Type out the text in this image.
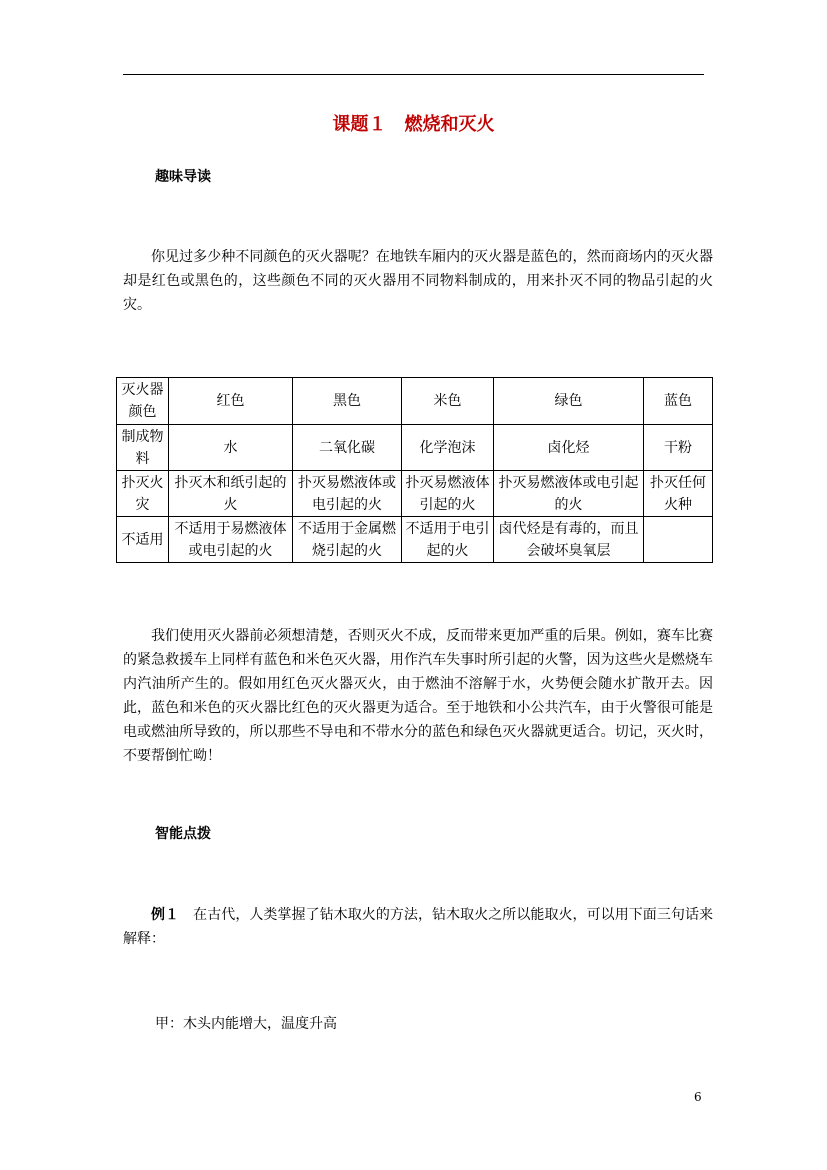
课题１　燃烧和灭火
趣味导读
你见过多少种不同颜色的灭火器呢？在地铁车厢内的灭火器是蓝色的，然而商场内的灭火器却是红色或黑色的，这些颜色不同的灭火器用不同物料制成的，用来扑灭不同的物品引起的火灾。
灭火器颜色	红色	黑色	米色	绿色	蓝色
制成物料	水	二氧化碳	化学泡沫	卤化烃	干粉
扑灭火灾	扑灭木和纸引起的火	扑灭易燃液体或电引起的火	扑灭易燃液体引起的火	扑灭易燃液体或电引起的火	扑灭任何火种
不适用	不适用于易燃液体或电引起的火	不适用于金属燃烧引起的火	不适用于电引起的火	卤代烃是有毒的，而且会破坏臭氧层	
我们使用灭火器前必须想清楚，否则灭火不成，反而带来更加严重的后果。例如，赛车比赛的紧急救援车上同样有蓝色和米色灭火器，用作汽车失事时所引起的火警，因为这些火是燃烧车内汽油所产生的。假如用红色灭火器灭火，由于燃油不溶解于水，火势便会随水扩散开去。因此，蓝色和米色的灭火器比红色的灭火器更为适合。至于地铁和小公共汽车，由于火警很可能是电或燃油所导致的，所以那些不导电和不带水分的蓝色和绿色灭火器就更适合。切记，灭火时，不要帮倒忙呦！
智能点拨
例１　在古代，人类掌握了钻木取火的方法，钻木取火之所以能取火，可以用下面三句话来解释：
甲：木头内能增大，温度升高
6
